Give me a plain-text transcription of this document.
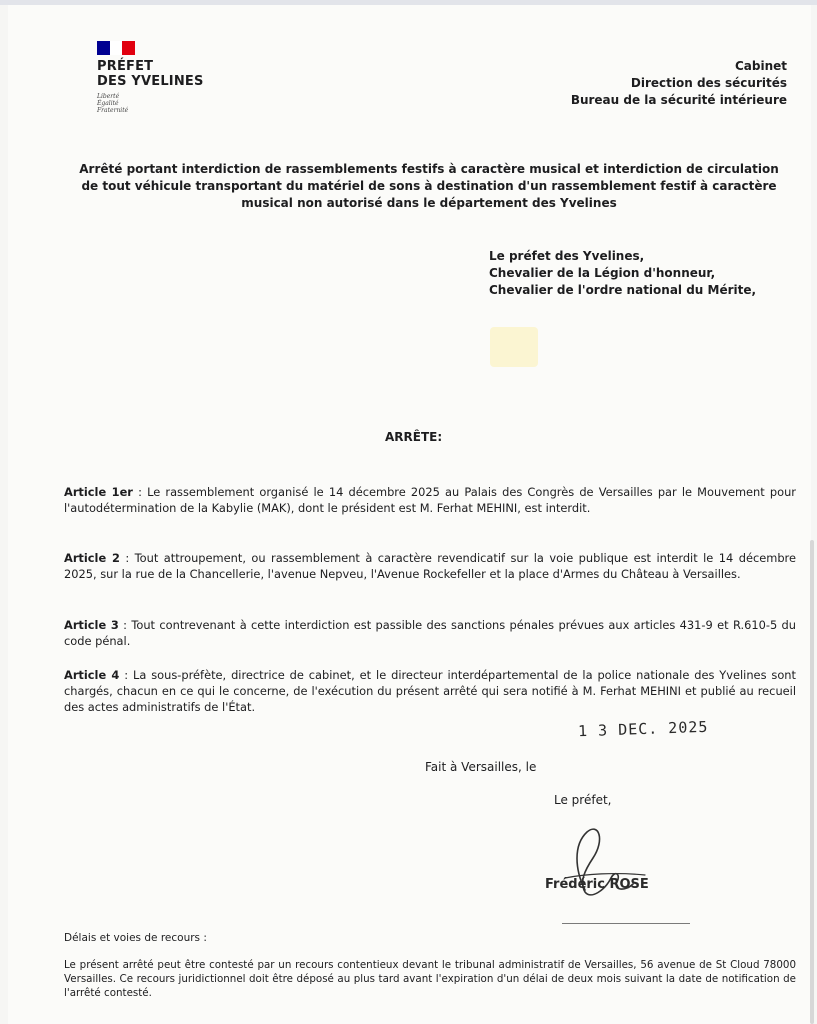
PRÉFET
DES YVELINES
Liberté
Égalité
Fraternité
Cabinet
Direction des sécurités
Bureau de la sécurité intérieure
Arrêté portant interdiction de rassemblements festifs à caractère musical et interdiction de circulation
de tout véhicule transportant du matériel de sons à destination d'un rassemblement festif à caractère
musical non autorisé dans le département des Yvelines
Le préfet des Yvelines,
Chevalier de la Légion d'honneur,
Chevalier de l'ordre national du Mérite,
ARRÊTE:
Article 1er : Le rassemblement organisé le 14 décembre 2025 au Palais des Congrès de Versailles par le Mouvement pour l'autodétermination de la Kabylie (MAK), dont le président est M. Ferhat MEHINI, est interdit.
Article 2 : Tout attroupement, ou rassemblement à caractère revendicatif sur la voie publique est interdit le 14 décembre 2025, sur la rue de la Chancellerie, l'avenue Nepveu, l'Avenue Rockefeller et la place d'Armes du Château à Versailles.
Article 3 : Tout contrevenant à cette interdiction est passible des sanctions pénales prévues aux articles 431-9 et R.610-5 du code pénal.
Article 4 : La sous-préfète, directrice de cabinet, et le directeur interdépartemental de la police nationale des Yvelines sont chargés, chacun en ce qui le concerne, de l'exécution du présent arrêté qui sera notifié à M. Ferhat MEHINI et publié au recueil des actes administratifs de l'État.
1 3 DEC. 2025
Fait à Versailles, le
Le préfet,
Frédéric ROSE
Délais et voies de recours :
Le présent arrêté peut être contesté par un recours contentieux devant le tribunal administratif de Versailles, 56 avenue de St Cloud 78000 Versailles. Ce recours juridictionnel doit être déposé au plus tard avant l'expiration d'un délai de deux mois suivant la date de notification de l'arrêté contesté.
